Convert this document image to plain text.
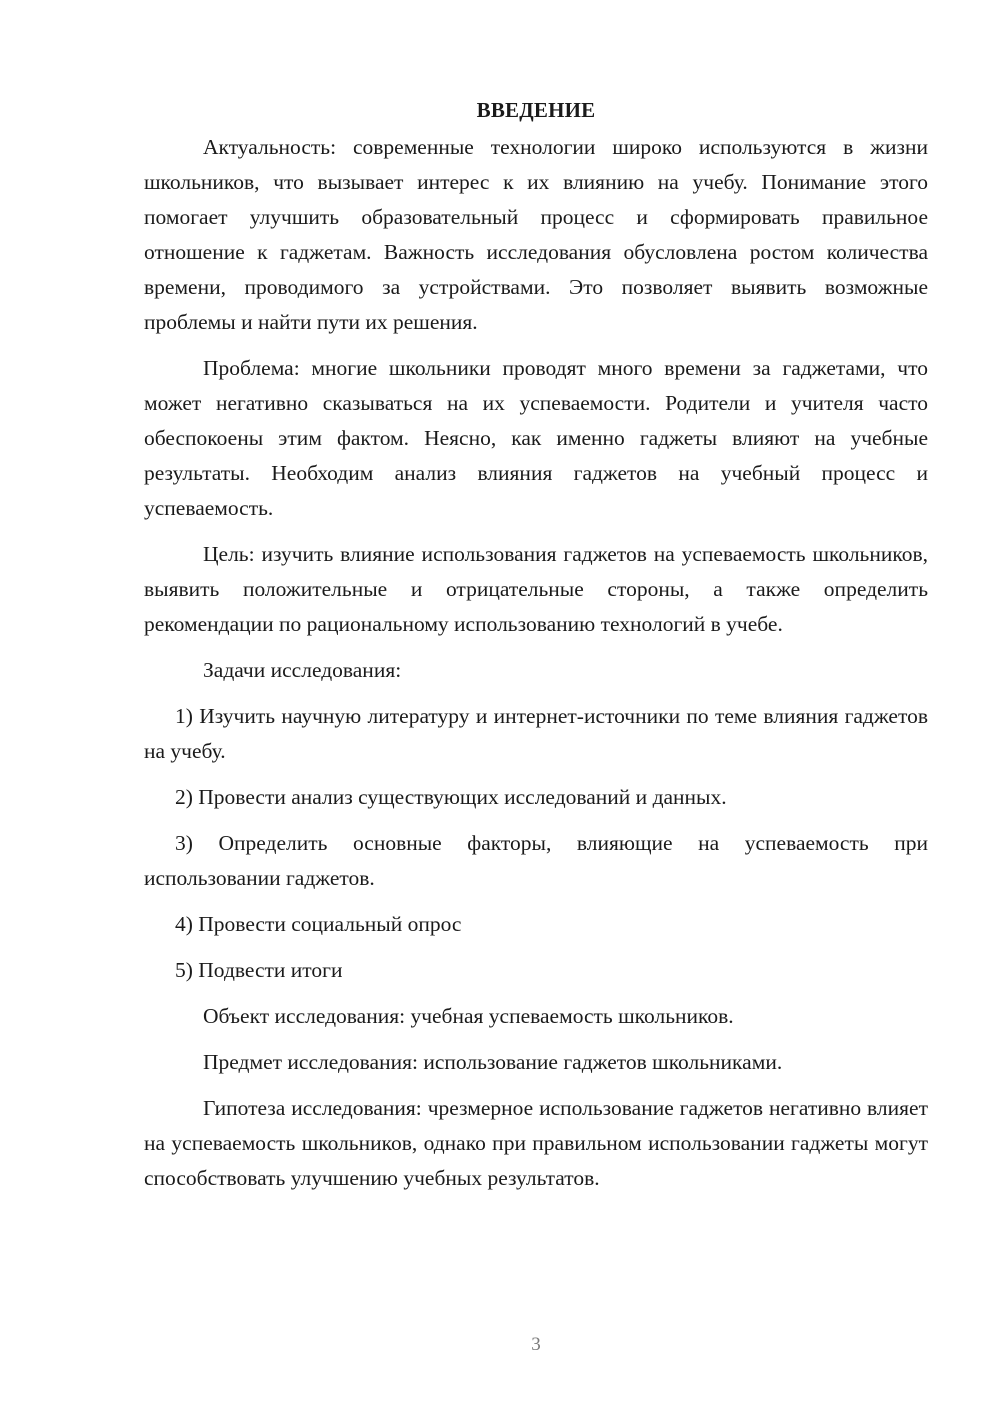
ВВЕДЕНИЕ

Актуальность: современные технологии широко используются в жизни школьников, что вызывает интерес к их влиянию на учебу. Понимание этого помогает улучшить образовательный процесс и сформировать правильное отношение к гаджетам. Важность исследования обусловлена ростом количества времени, проводимого за устройствами. Это позволяет выявить возможные проблемы и найти пути их решения.

Проблема: многие школьники проводят много времени за гаджетами, что может негативно сказываться на их успеваемости. Родители и учителя часто обеспокоены этим фактом. Неясно, как именно гаджеты влияют на учебные результаты. Необходим анализ влияния гаджетов на учебный процесс и успеваемость.

Цель: изучить влияние использования гаджетов на успеваемость школьников, выявить положительные и отрицательные стороны, а также определить рекомендации по рациональному использованию технологий в учебе.

Задачи исследования:

1) Изучить научную литературу и интернет-источники по теме влияния гаджетов на учебу.

2) Провести анализ существующих исследований и данных.

3) Определить основные факторы, влияющие на успеваемость при использовании гаджетов.

4) Провести социальный опрос

5) Подвести итоги

Объект исследования: учебная успеваемость школьников.

Предмет исследования: использование гаджетов школьниками.

Гипотеза исследования: чрезмерное использование гаджетов негативно влияет на успеваемость школьников, однако при правильном использовании гаджеты могут способствовать улучшению учебных результатов.

3
